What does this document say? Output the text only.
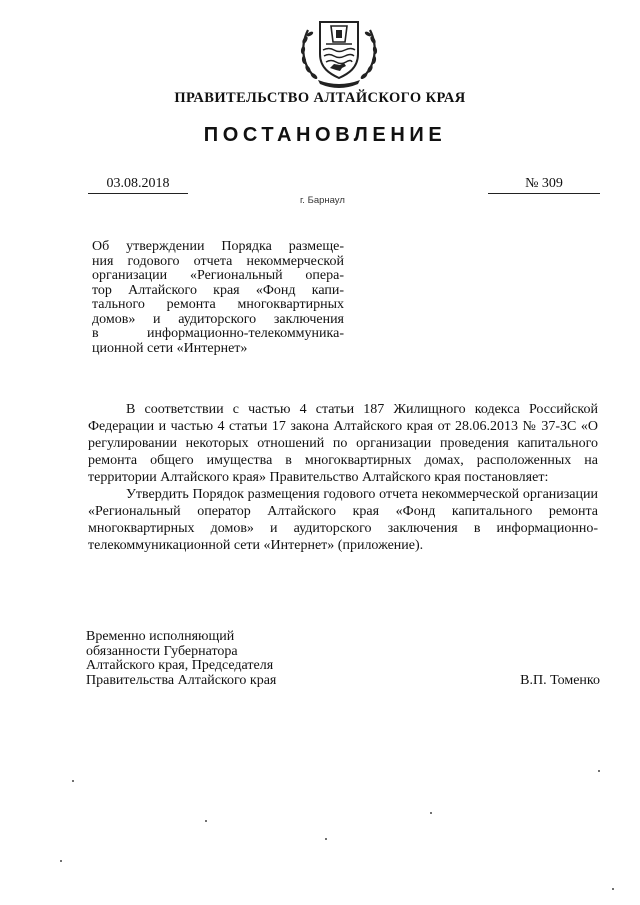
ПРАВИТЕЛЬСТВО АЛТАЙСКОГО КРАЯ
ПОСТАНОВЛЕНИЕ
03.08.2018	№ 309
г. Барнаул
Об утверждении Порядка размеще-
ния годового отчета некоммерческой
организации «Региональный опера-
тор Алтайского края «Фонд капи-
тального ремонта многоквартирных
домов» и аудиторского заключения
в информационно-телекоммуника-
ционной сети «Интернет»

В соответствии с частью 4 статьи 187 Жилищного кодекса Российской Федерации и частью 4 статьи 17 закона Алтайского края от 28.06.2013 № 37-ЗС «О регулировании некоторых отношений по организации проведения капитального ремонта общего имущества в многоквартирных домах, расположенных на территории Алтайского края» Правительство Алтайского края постановляет:

Утвердить Порядок размещения годового отчета некоммерческой организации «Региональный оператор Алтайского края «Фонд капитального ремонта многоквартирных домов» и аудиторского заключения в информационно-телекоммуникационной сети «Интернет» (приложение).

Временно исполняющий
обязанности Губернатора
Алтайского края, Председателя
Правительства Алтайского края	В.П. Томенко
